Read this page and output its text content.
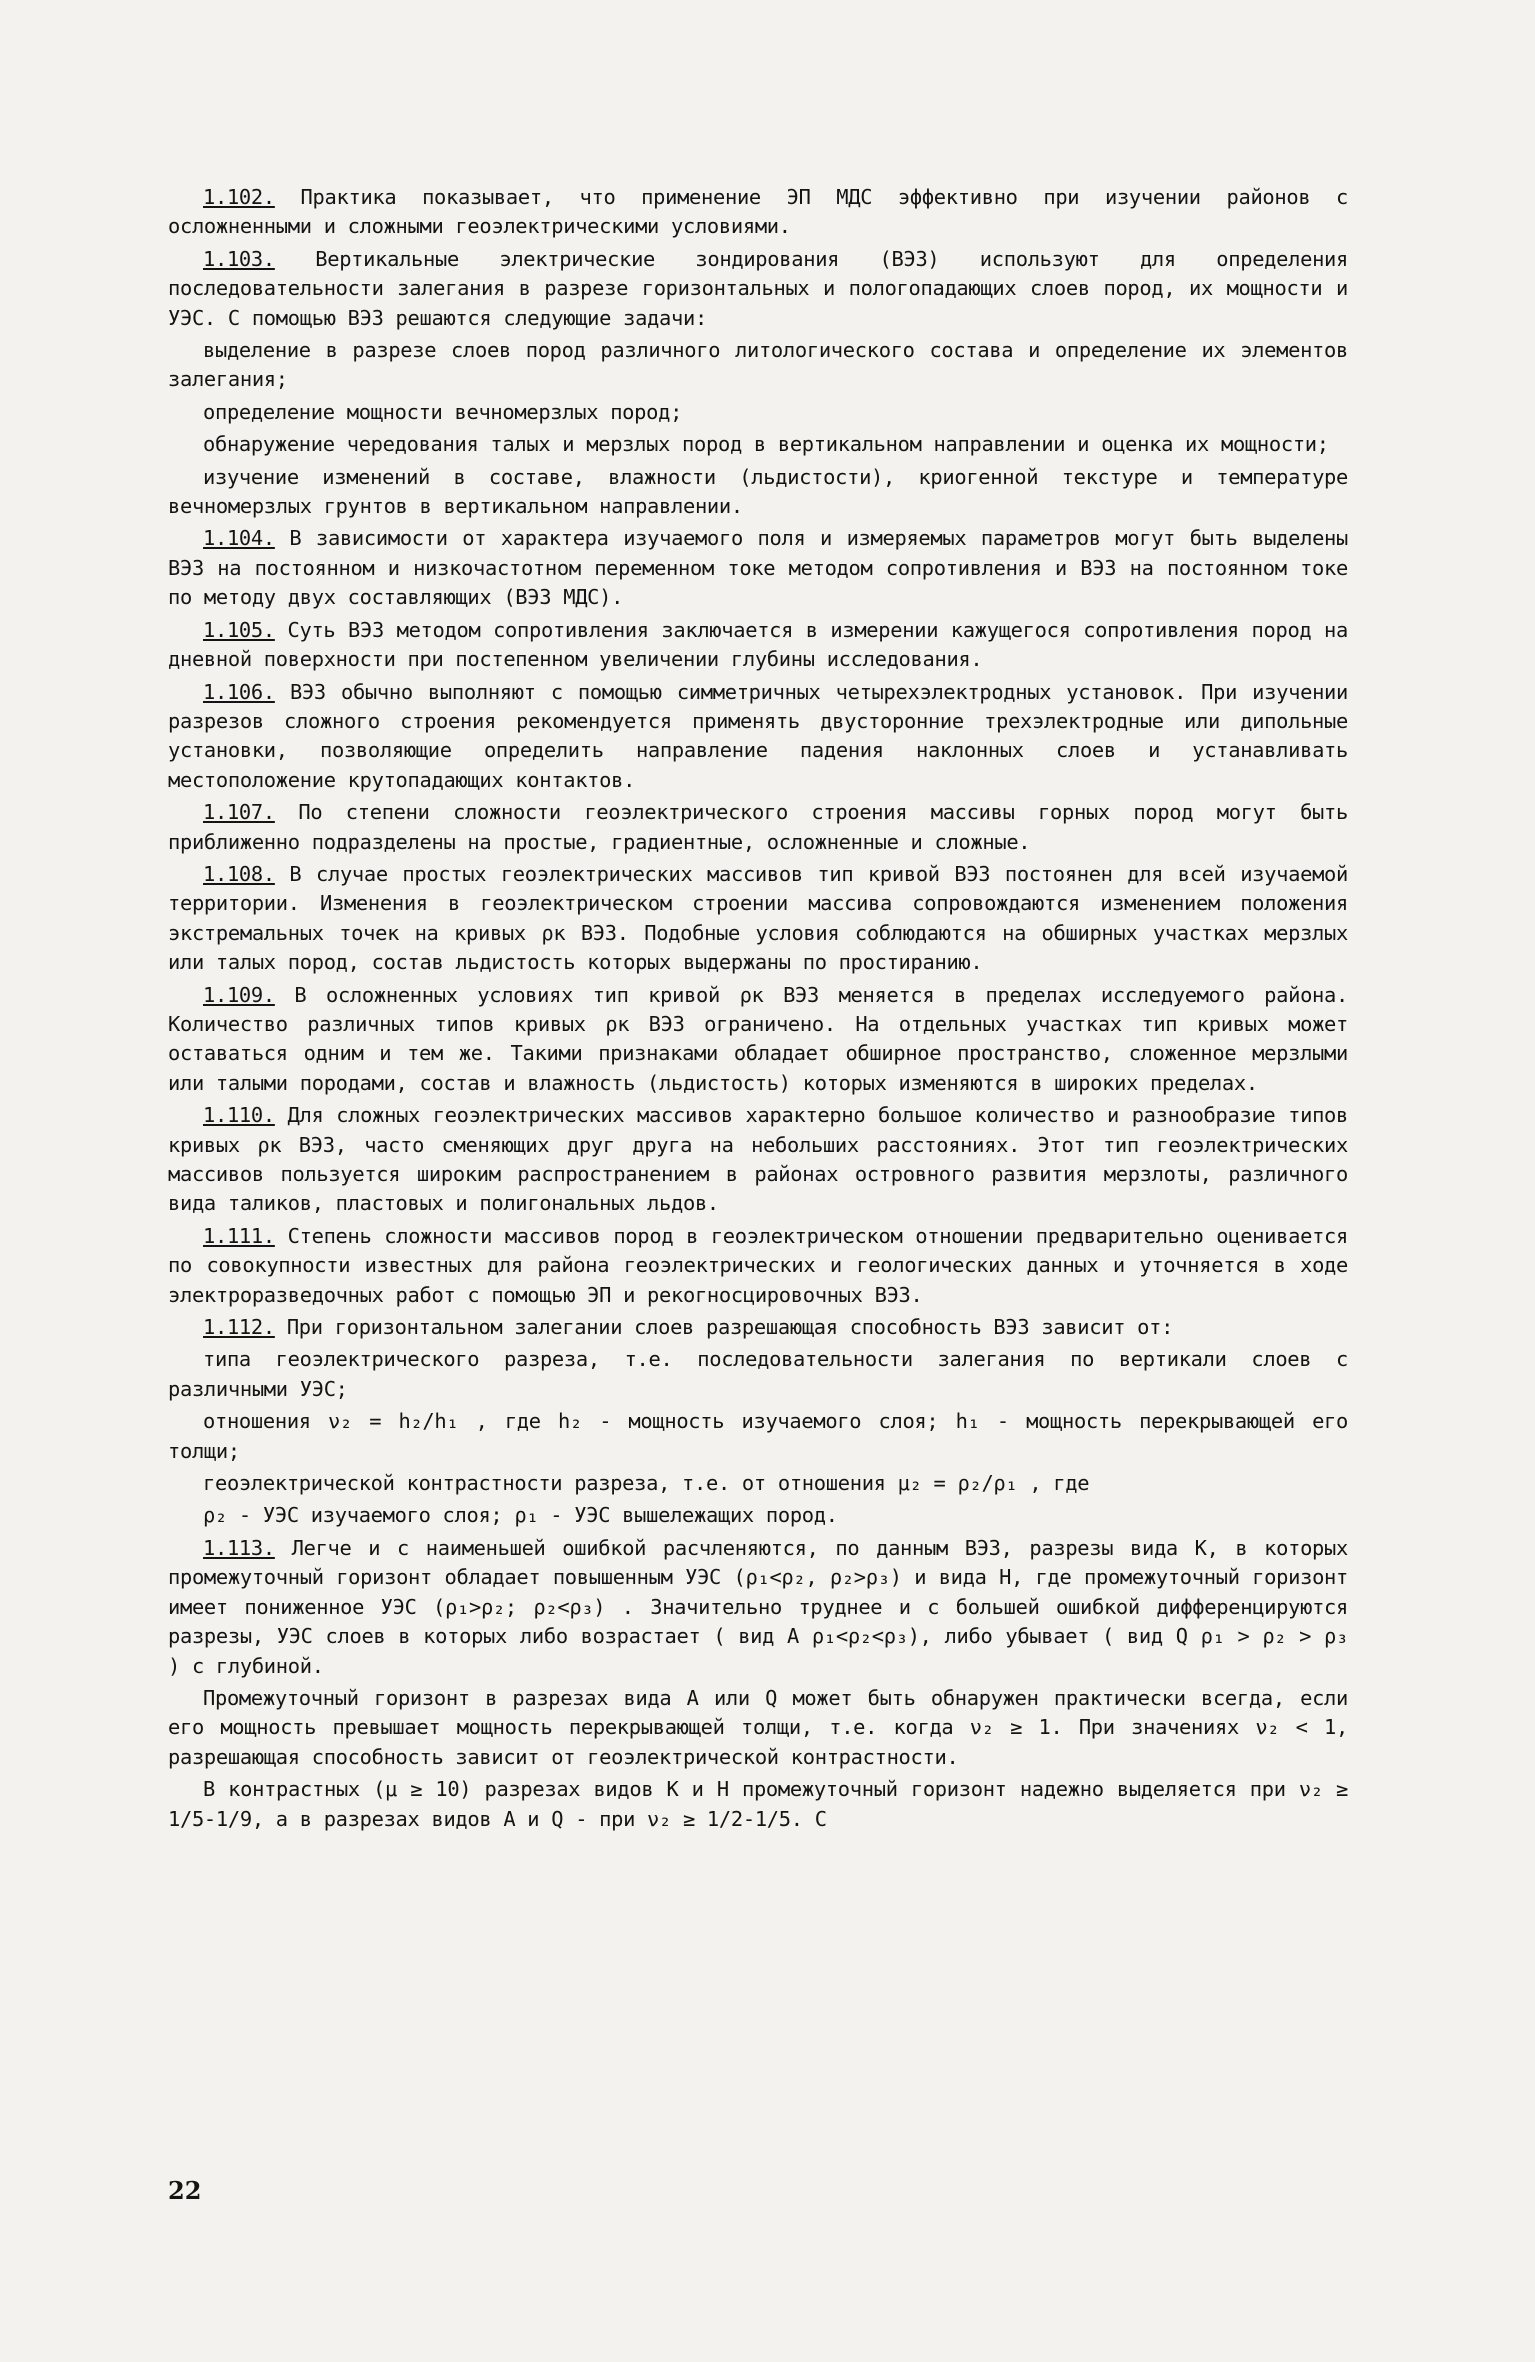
1.102. Практика показывает, что применение ЭП МДС эффективно при изучении районов с осложненными и сложными геоэлектрическими условиями.

1.103. Вертикальные электрические зондирования (ВЭЗ) используют для определения последовательности залегания в разрезе горизонтальных и пологопадающих слоев пород, их мощности и УЭС. С помощью ВЭЗ решаются следующие задачи:

выделение в разрезе слоев пород различного литологического состава и определение их элементов залегания;

определение мощности вечномерзлых пород;

обнаружение чередования талых и мерзлых пород в вертикальном направлении и оценка их мощности;

изучение изменений в составе, влажности (льдистости), криогенной текстуре и температуре вечномерзлых грунтов в вертикальном направлении.

1.104. В зависимости от характера изучаемого поля и измеряемых параметров могут быть выделены ВЭЗ на постоянном и низкочастотном переменном токе методом сопротивления и ВЭЗ на постоянном токе по методу двух составляющих (ВЭЗ МДС).

1.105. Суть ВЭЗ методом сопротивления заключается в измерении кажущегося сопротивления пород на дневной поверхности при постепенном увеличении глубины исследования.

1.106. ВЭЗ обычно выполняют с помощью симметричных четырехэлектродных установок. При изучении разрезов сложного строения рекомендуется применять двусторонние трехэлектродные или дипольные установки, позволяющие определить направление падения наклонных слоев и устанавливать местоположение крутопадающих контактов.

1.107. По степени сложности геоэлектрического строения массивы горных пород могут быть приближенно подразделены на простые, градиентные, осложненные и сложные.

1.108. В случае простых геоэлектрических массивов тип кривой ВЭЗ постоянен для всей изучаемой территории. Изменения в геоэлектрическом строении массива сопровождаются изменением положения экстремальных точек на кривых ρк ВЭЗ. Подобные условия соблюдаются на обширных участках мерзлых или талых пород, состав льдистость которых выдержаны по простиранию.

1.109. В осложненных условиях тип кривой ρк ВЭЗ меняется в пределах исследуемого района. Количество различных типов кривых ρк ВЭЗ ограничено. На отдельных участках тип кривых может оставаться одним и тем же. Такими признаками обладает обширное пространство, сложенное мерзлыми или талыми породами, состав и влажность (льдистость) которых изменяются в широких пределах.

1.110. Для сложных геоэлектрических массивов характерно большое количество и разнообразие типов кривых ρк ВЭЗ, часто сменяющих друг друга на небольших расстояниях. Этот тип геоэлектрических массивов пользуется широким распространением в районах островного развития мерзлоты, различного вида таликов, пластовых и полигональных льдов.

1.111. Степень сложности массивов пород в геоэлектрическом отношении предварительно оценивается по совокупности известных для района геоэлектрических и геологических данных и уточняется в ходе электроразведочных работ с помощью ЭП и рекогносцировочных ВЭЗ.

1.112. При горизонтальном залегании слоев разрешающая способность ВЭЗ зависит от:

типа геоэлектрического разреза, т.е. последовательности залегания по вертикали слоев с различными УЭС;

отношения ν₂ = h₂/h₁ , где h₂ - мощность изучаемого слоя; h₁ - мощность перекрывающей его толщи;

геоэлектрической контрастности разреза, т.е. от отношения μ₂ = ρ₂/ρ₁ , где

ρ₂ - УЭС изучаемого слоя; ρ₁ - УЭС вышележащих пород.

1.113. Легче и с наименьшей ошибкой расчленяются, по данным ВЭЗ, разрезы вида K, в которых промежуточный горизонт обладает повышенным УЭС (ρ₁<ρ₂, ρ₂>ρ₃) и вида H, где промежуточный горизонт имеет пониженное УЭС (ρ₁>ρ₂; ρ₂<ρ₃) . Значительно труднее и с большей ошибкой дифференцируются разрезы, УЭС слоев в которых либо возрастает ( вид A ρ₁<ρ₂<ρ₃), либо убывает ( вид Q ρ₁ > ρ₂ > ρ₃ ) с глубиной.

Промежуточный горизонт в разрезах вида A или Q может быть обнаружен практически всегда, если его мощность превышает мощность перекрывающей толщи, т.е. когда ν₂ ≥ 1. При значениях ν₂ < 1, разрешающая способность зависит от геоэлектрической контрастности.

В контрастных (μ ≥ 10) разрезах видов K и H промежуточный горизонт надежно выделяется при ν₂ ≥ 1/5-1/9, а в разрезах видов A и Q - при ν₂ ≥ 1/2-1/5. С

22
